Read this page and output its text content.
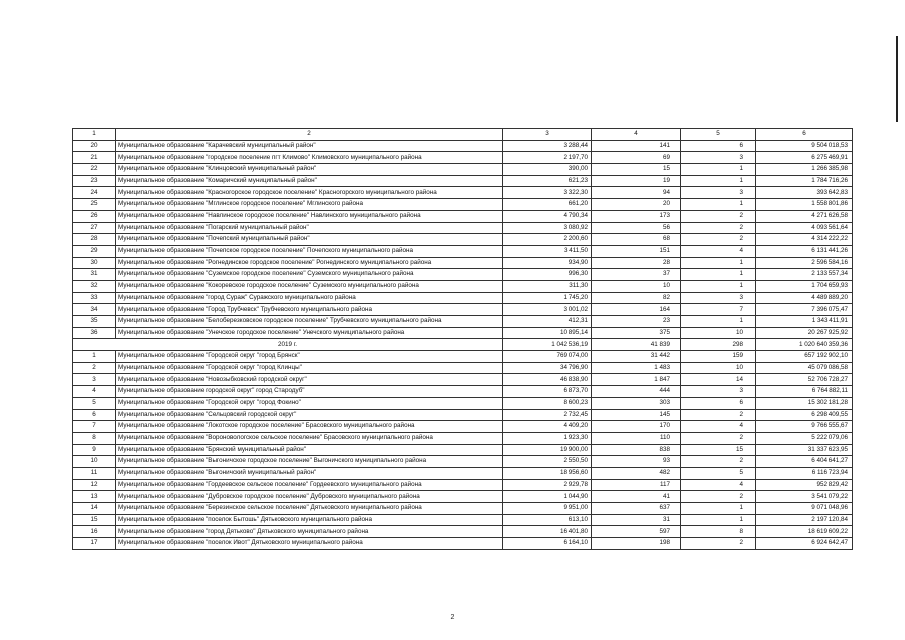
1	2	3	4	5	6
20	Муниципальное образование "Карачевский муниципальный район"	3 288,44	141	6	9 504 018,53
21	Муниципальное образование "городское поселение пгт Климово" Климовского муниципального района	2 197,70	69	3	6 275 469,91
22	Муниципальное образование "Клинцовский муниципальный район"	390,00	15	1	1 266 385,98
23	Муниципальное образование "Комаричский муниципальный район"	621,23	19	1	1 784 716,26
24	Муниципальное образование "Красногорское городское поселение" Красногорского муниципального района	3 322,30	94	3	393 642,83
25	Муниципальное образование "Мглинское городское поселение" Мглинского района	661,20	20	1	1 558 801,86
26	Муниципальное образование "Навлинское городское поселение" Навлинского муниципального района	4 790,34	173	2	4 271 626,58
27	Муниципальное образование "Погарский муниципальный район"	3 080,92	56	2	4 093 561,64
28	Муниципальное образование "Почепский муниципальный район"	2 200,60	68	2	4 314 222,22
29	Муниципальное образование "Почепское городское поселение" Почепского муниципального района	3 411,50	151	4	6 131 441,26
30	Муниципальное образование "Рогнединское городское поселение" Рогнединского муниципального района	934,90	28	1	2 596 584,16
31	Муниципальное образование "Суземское городское поселение" Суземского муниципального района	996,30	37	1	2 133 557,34
32	Муниципальное образование "Кокоревское городское поселение" Суземского муниципального района	311,30	10	1	1 704 659,93
33	Муниципальное образование "город Сураж" Суражского муниципального района	1 745,20	82	3	4 489 889,20
34	Муниципальное образование "Город Трубчевск" Трубчевского муниципального района	3 001,02	164	7	7 396 075,47
35	Муниципальное образование "Белоберезковское городское поселение" Трубчевского муниципального района	412,31	23	1	1 343 411,91
36	Муниципальное образование "Унечское городское поселение" Унечского муниципального района	10 895,14	375	10	20 267 925,92
2019 г.		1 042 536,19	41 839	298	1 020 640 359,36
1	Муниципальное образование "Городской округ "город Брянск"	769 074,00	31 442	159	657 192 902,10
2	Муниципальное образование "Городской округ "город Клинцы"	34 796,90	1 483	10	45 079 086,58
3	Муниципальное образование "Новозыбковский городской округ"	46 838,90	1 847	14	52 706 728,27
4	Муниципальное образование городской округ" город Стародуб"	6 873,70	444	3	6 764 882,11
5	Муниципальное образование "Городской округ "город Фокино"	8 600,23	303	6	15 302 181,28
6	Муниципальное образование "Сельцовский городской округ"	2 732,45	145	2	6 298 409,55
7	Муниципальное образование "Локотское городское поселение" Брасовского муниципального района	4 409,20	170	4	9 766 555,67
8	Муниципальное образование "Вороновологское сельское поселение" Брасовского муниципального района	1 923,30	110	2	5 222 079,06
9	Муниципальное образование "Брянский муниципальный район"	19 900,00	838	15	31 337 623,95
10	Муниципальное образование "Выгоничское городское поселение" Выгоничского муниципального района	2 550,50	93	2	6 404 641,27
11	Муниципальное образование "Выгоничский муниципальный район"	18 956,60	482	5	6 116 723,94
12	Муниципальное образование "Гордеевское сельское поселение" Гордеевского муниципального района	2 929,78	117	4	952 829,42
13	Муниципальное образование "Дубровское городское поселение" Дубровского муниципального района	1 044,90	41	2	3 541 079,22
14	Муниципальное образование "Березинское сельское поселение" Дятьковского муниципального района	9 951,00	637	1	9 071 048,96
15	Муниципальное образование "поселок Бытошь" Дятьковского муниципального района	613,10	31	1	2 197 120,84
16	Муниципальное образование "город Дятьково" Дятьковского муниципального района	16 401,80	597	8	18 619 609,22
17	Муниципальное образование "поселок Ивот" Дятьковского муниципального района	6 164,10	198	2	6 924 642,47
2
